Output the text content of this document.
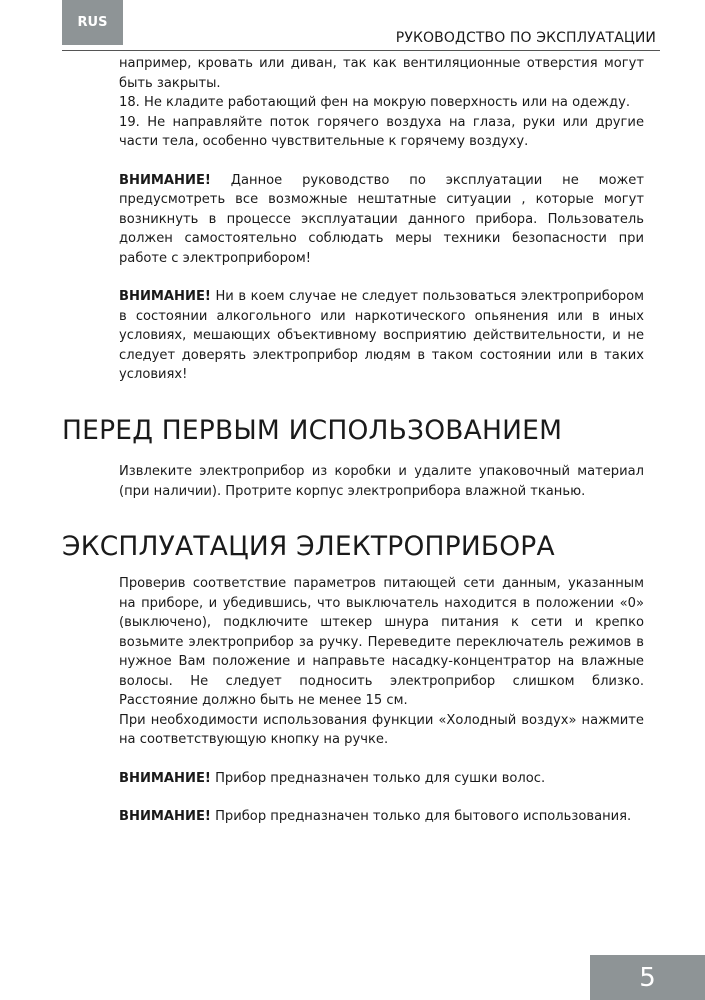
RUS
РУКОВОДСТВО ПО ЭКСПЛУАТАЦИИ

например, кровать или диван, так как вентиляционные отверстия могут быть закрыты.

18. Не кладите работающий фен на мокрую поверхность или на одежду.

19. Не направляйте поток горячего воздуха на глаза, руки или другие части тела, особенно чувствительные к горячему воздуху.

ВНИМАНИЕ! Данное руководство по эксплуатации не может предусмотреть все возможные нештатные ситуации , которые могут возникнуть в процессе эксплуатации данного прибора. Пользователь должен самостоятельно соблюдать меры техники безопасности при работе с электроприбором!

ВНИМАНИЕ! Ни в коем случае не следует пользоваться электроприбором в состоянии алкогольного или наркотического опьянения или в иных условиях, мешающих объективному восприятию действительности, и не следует доверять электроприбор людям в таком состоянии или в таких условиях!

ПЕРЕД ПЕРВЫМ ИСПОЛЬЗОВАНИЕМ

Извлеките электроприбор из коробки и удалите упаковочный материал (при наличии). Протрите корпус электроприбора влажной тканью.

ЭКСПЛУАТАЦИЯ ЭЛЕКТРОПРИБОРА

Проверив соответствие параметров питающей сети данным, указанным на приборе, и убедившись, что выключатель находится в положении «0» (выключено), подключите штекер шнура питания к сети и крепко возьмите электроприбор за ручку. Переведите переключатель режимов в нужное Вам положение и направьте насадку-концентратор на влажные волосы. Не следует подносить электроприбор слишком близко. Расстояние должно быть не менее 15 см.

При необходимости использования функции «Холодный воздух» нажмите на соответствующую кнопку на ручке.

ВНИМАНИЕ! Прибор предназначен только для сушки волос.

ВНИМАНИЕ! Прибор предназначен только для бытового использования.

5
